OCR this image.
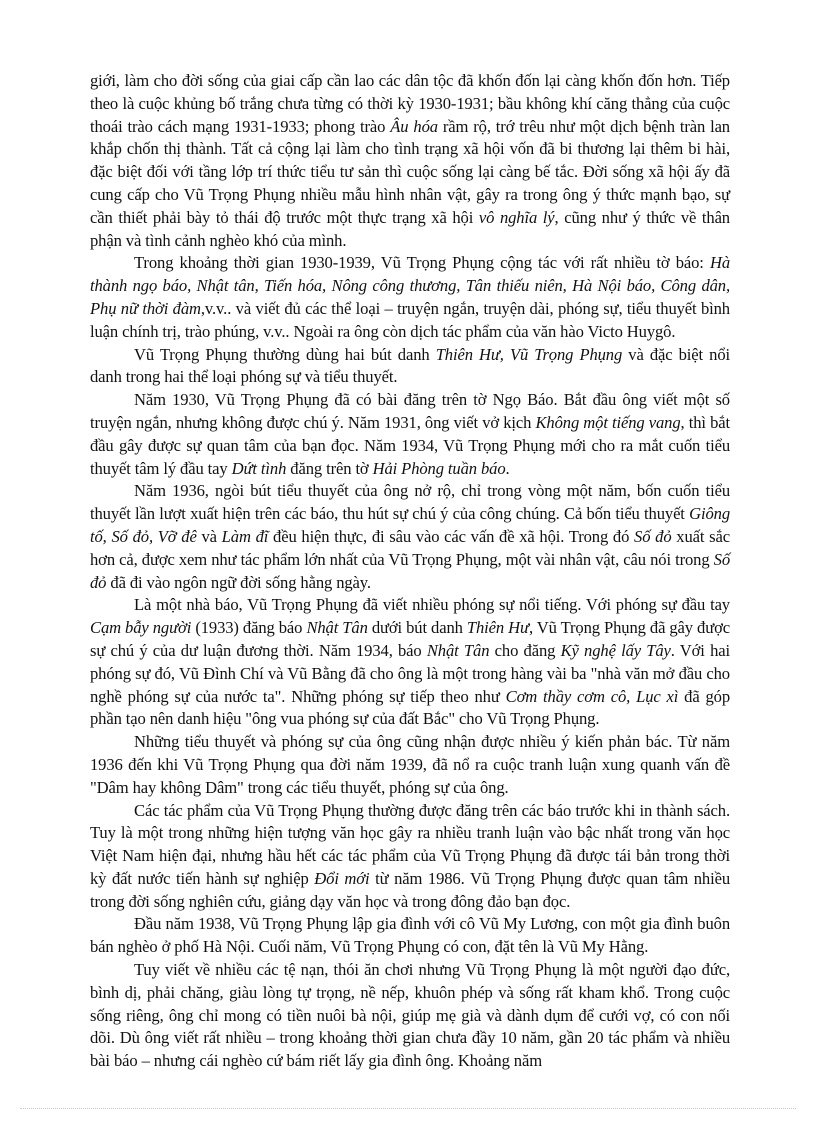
giới, làm cho đời sống của giai cấp cần lao các dân tộc đã khốn đốn lại càng khốn đốn hơn. Tiếp theo là cuộc khủng bố trắng chưa từng có thời kỳ 1930-1931; bầu không khí căng thẳng của cuộc thoái trào cách mạng 1931-1933; phong trào Âu hóa rầm rộ, trớ trêu như một dịch bệnh tràn lan khắp chốn thị thành. Tất cả cộng lại làm cho tình trạng xã hội vốn đã bi thương lại thêm bi hài, đặc biệt đối với tầng lớp trí thức tiểu tư sản thì cuộc sống lại càng bế tắc. Đời sống xã hội ấy đã cung cấp cho Vũ Trọng Phụng nhiều mẫu hình nhân vật, gây ra trong ông ý thức mạnh bạo, sự cần thiết phải bày tỏ thái độ trước một thực trạng xã hội vô nghĩa lý, cũng như ý thức về thân phận và tình cảnh nghèo khó của mình.

Trong khoảng thời gian 1930-1939, Vũ Trọng Phụng cộng tác với rất nhiều tờ báo: Hà thành ngọ báo, Nhật tân, Tiến hóa, Nông công thương, Tân thiếu niên, Hà Nội báo, Công dân, Phụ nữ thời đàm,v.v.. và viết đủ các thể loại – truyện ngắn, truyện dài, phóng sự, tiểu thuyết bình luận chính trị, trào phúng, v.v.. Ngoài ra ông còn dịch tác phẩm của văn hào Victo Huygô.

Vũ Trọng Phụng thường dùng hai bút danh Thiên Hư, Vũ Trọng Phụng và đặc biệt nổi danh trong hai thể loại phóng sự và tiểu thuyết.

Năm 1930, Vũ Trọng Phụng đã có bài đăng trên tờ Ngọ Báo. Bắt đầu ông viết một số truyện ngắn, nhưng không được chú ý. Năm 1931, ông viết vở kịch Không một tiếng vang, thì bắt đầu gây được sự quan tâm của bạn đọc. Năm 1934, Vũ Trọng Phụng mới cho ra mắt cuốn tiểu thuyết tâm lý đầu tay Dứt tình đăng trên tờ Hải Phòng tuần báo.

Năm 1936, ngòi bút tiểu thuyết của ông nở rộ, chỉ trong vòng một năm, bốn cuốn tiểu thuyết lần lượt xuất hiện trên các báo, thu hút sự chú ý của công chúng. Cả bốn tiểu thuyết Giông tố, Số đỏ, Vỡ đê và Làm đĩ đều hiện thực, đi sâu vào các vấn đề xã hội. Trong đó Số đỏ xuất sắc hơn cả, được xem như tác phẩm lớn nhất của Vũ Trọng Phụng, một vài nhân vật, câu nói trong Số đỏ đã đi vào ngôn ngữ đời sống hằng ngày.

Là một nhà báo, Vũ Trọng Phụng đã viết nhiều phóng sự nổi tiếng. Với phóng sự đầu tay Cạm bẫy người (1933) đăng báo Nhật Tân dưới bút danh Thiên Hư, Vũ Trọng Phụng đã gây được sự chú ý của dư luận đương thời. Năm 1934, báo Nhật Tân cho đăng Kỹ nghệ lấy Tây. Với hai phóng sự đó, Vũ Đình Chí và Vũ Bằng đã cho ông là một trong hàng vài ba "nhà văn mở đầu cho nghề phóng sự của nước ta". Những phóng sự tiếp theo như Cơm thầy cơm cô, Lục xì đã góp phần tạo nên danh hiệu "ông vua phóng sự của đất Bắc" cho Vũ Trọng Phụng.

Những tiểu thuyết và phóng sự của ông cũng nhận được nhiều ý kiến phản bác. Từ năm 1936 đến khi Vũ Trọng Phụng qua đời năm 1939, đã nổ ra cuộc tranh luận xung quanh vấn đề "Dâm hay không Dâm" trong các tiểu thuyết, phóng sự của ông.

Các tác phẩm của Vũ Trọng Phụng thường được đăng trên các báo trước khi in thành sách. Tuy là một trong những hiện tượng văn học gây ra nhiều tranh luận vào bậc nhất trong văn học Việt Nam hiện đại, nhưng hầu hết các tác phẩm của Vũ Trọng Phụng đã được tái bản trong thời kỳ đất nước tiến hành sự nghiệp Đổi mới từ năm 1986. Vũ Trọng Phụng được quan tâm nhiều trong đời sống nghiên cứu, giảng dạy văn học và trong đông đảo bạn đọc.

Đầu năm 1938, Vũ Trọng Phụng lập gia đình với cô Vũ My Lương, con một gia đình buôn bán nghèo ở phố Hà Nội. Cuối năm, Vũ Trọng Phụng có con, đặt tên là Vũ My Hằng.

Tuy viết về nhiều các tệ nạn, thói ăn chơi nhưng Vũ Trọng Phụng là một người đạo đức, bình dị, phải chăng, giàu lòng tự trọng, nề nếp, khuôn phép và sống rất kham khổ. Trong cuộc sống riêng, ông chỉ mong có tiền nuôi bà nội, giúp mẹ già và dành dụm để cưới vợ, có con nối dõi. Dù ông viết rất nhiều – trong khoảng thời gian chưa đầy 10 năm, gần 20 tác phẩm và nhiều bài báo – nhưng cái nghèo cứ bám riết lấy gia đình ông. Khoảng năm
